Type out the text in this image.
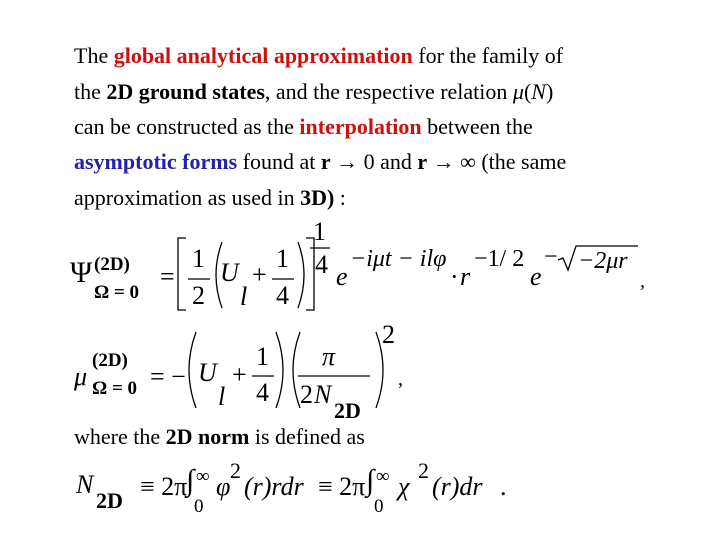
The global analytical approximation for the family of
the 2D ground states, and the respective relation μ(N)
can be constructed as the interpolation between the
asymptotic forms found at r → 0 and r → ∞ (the same
approximation as used in 3D) :
Ψ (2D)
Ω = 0
=
1
2
U
l
+
1
4
1
4 e
−iμt − ilφ
· r
−1/ 2
e
− −2μr
,
μ
(2D)
Ω = 0 = − U
l
+
1
4
π
2 N
2D
2
,
where the 2D norm is defined as
N
2D ≡ 2π
∫ ∞
0
φ
2
(r)rdr ≡ 2π ∫ ∞
0
χ
2
(r)dr .
